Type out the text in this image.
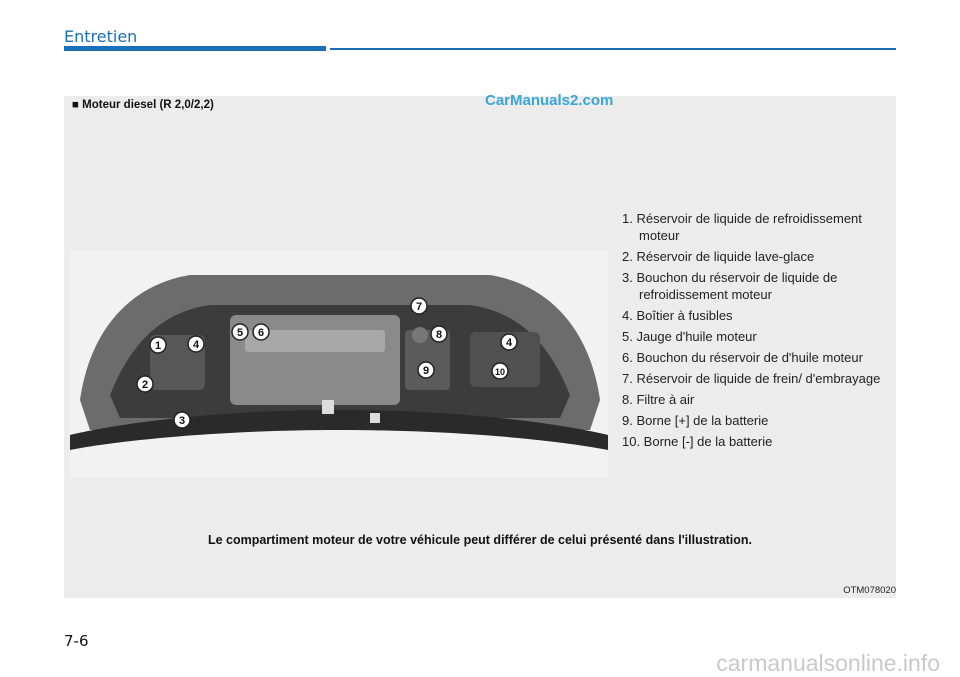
Entretien
■ Moteur diesel (R 2,0/2,2)	CarManuals2.com
1
2
3
4
5 6
7
8
9	10
4
1. Réservoir de liquide de refroidissement moteur
2. Réservoir de liquide lave-glace
3. Bouchon du réservoir de liquide de refroidissement moteur
4. Boîtier à fusibles
5. Jauge d'huile moteur
6. Bouchon du réservoir de d'huile moteur
7. Réservoir de liquide de frein/ d'embrayage
8. Filtre à air
9. Borne [+] de la batterie
10. Borne [-] de la batterie
Le compartiment moteur de votre véhicule peut différer de celui présenté dans l'illustration.
OTM078020
7-6
carmanualsonline.info
